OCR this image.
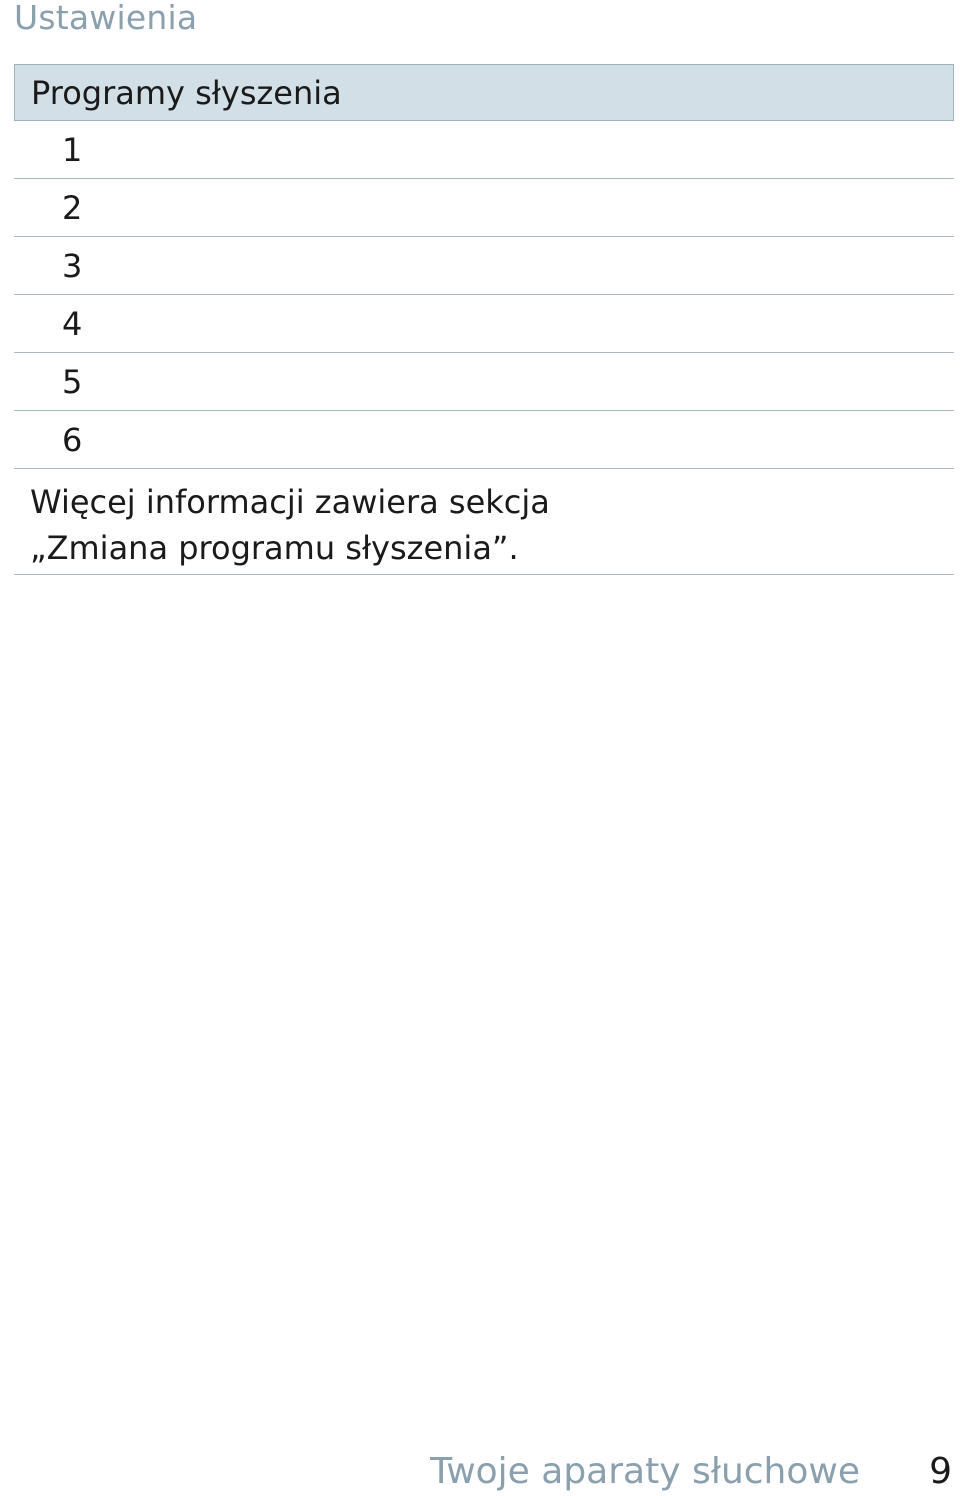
Ustawienia
Programy słyszenia
1
2
3
4
5
6
Więcej informacji zawiera sekcja
„Zmiana programu słyszenia”.
Twoje aparaty słuchowe 9
